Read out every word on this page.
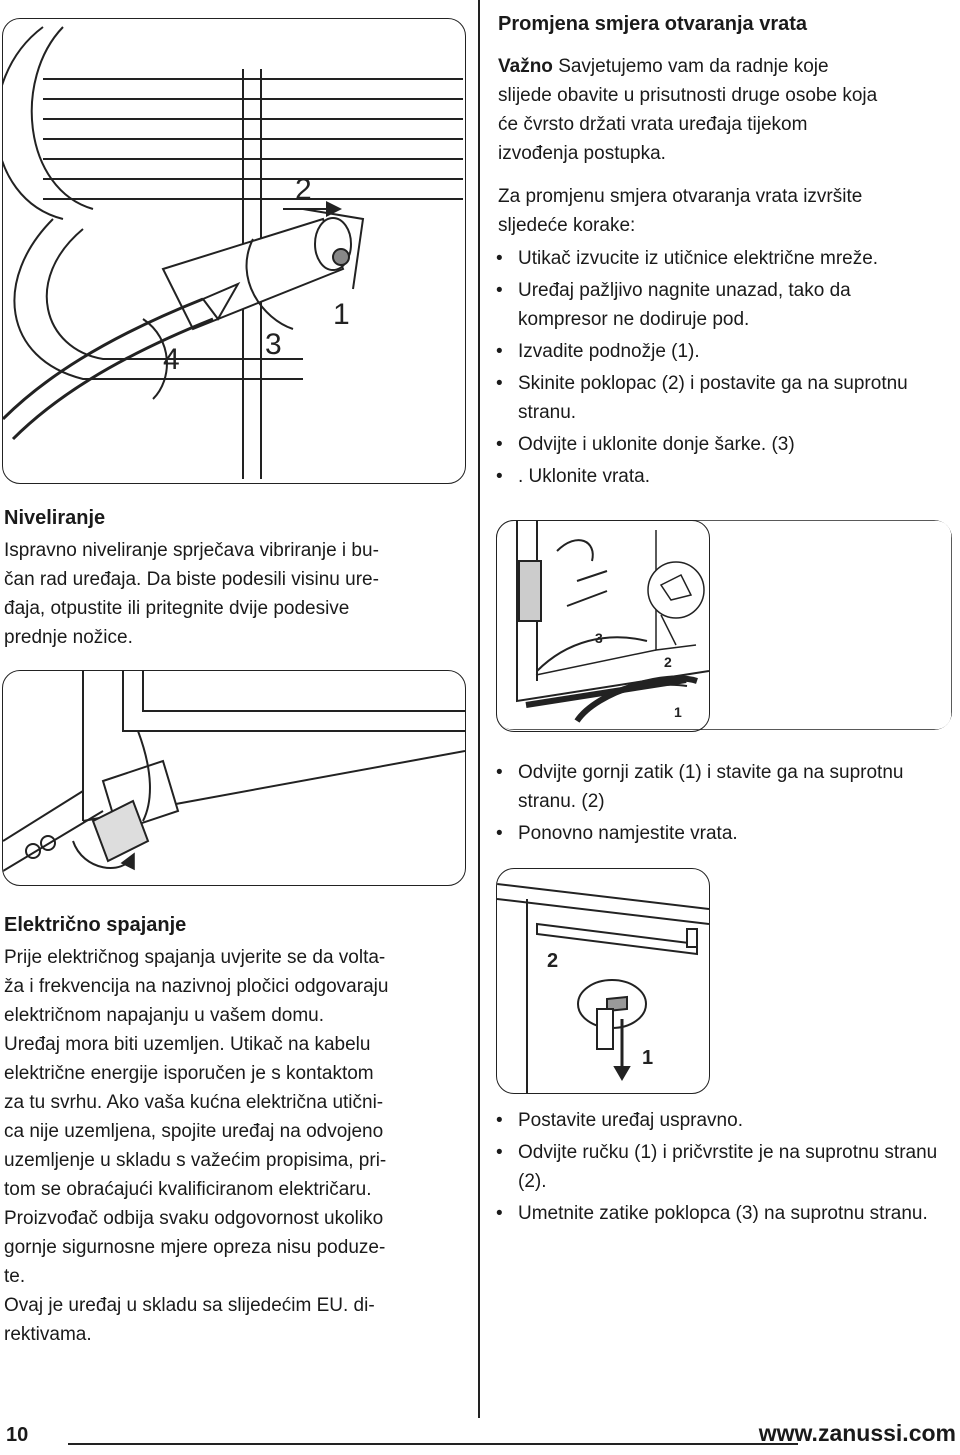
2
1
3
4
Niveliranje
Ispravno niveliranje sprječava vibriranje i bu-
čan rad uređaja. Da biste podesili visinu ure-
đaja, otpustite ili pritegnite dvije podesive
prednje nožice.
Električno spajanje
Prije električnog spajanja uvjerite se da volta-
ža i frekvencija na nazivnoj pločici odgovaraju
električnom napajanju u vašem domu.
Uređaj mora biti uzemljen. Utikač na kabelu
električne energije isporučen je s kontaktom
za tu svrhu. Ako vaša kućna električna utični-
ca nije uzemljena, spojite uređaj na odvojeno
uzemljenje u skladu s važećim propisima, pri-
tom se obraćajući kvalificiranom električaru.
Proizvođač odbija svaku odgovornost ukoliko
gornje sigurnosne mjere opreza nisu poduze-
te.
Ovaj je uređaj u skladu sa slijedećim EU. di-
rektivama.
Promjena smjera otvaranja vrata
Važno Savjetujemo vam da radnje koje
slijede obavite u prisutnosti druge osobe koja
će čvrsto držati vrata uređaja tijekom
izvođenja postupka.
Za promjenu smjera otvaranja vrata izvršite
sljedeće korake:
• Utikač izvucite iz utičnice električne mreže.
• Uređaj pažljivo nagnite unazad, tako da kompresor ne dodiruje pod.
• Izvadite podnožje (1).
• Skinite poklopac (2) i postavite ga na suprotnu stranu.
• Odvijte i uklonite donje šarke. (3)
• . Uklonite vrata.
3
2
1
• Odvijte gornji zatik (1) i stavite ga na suprotnu stranu. (2)
• Ponovno namjestite vrata.
2
1
• Postavite uređaj uspravno.
• Odvijte ručku (1) i pričvrstite je na suprotnu stranu (2).
• Umetnite zatike poklopca (3) na suprotnu stranu.
10	www.zanussi.com
